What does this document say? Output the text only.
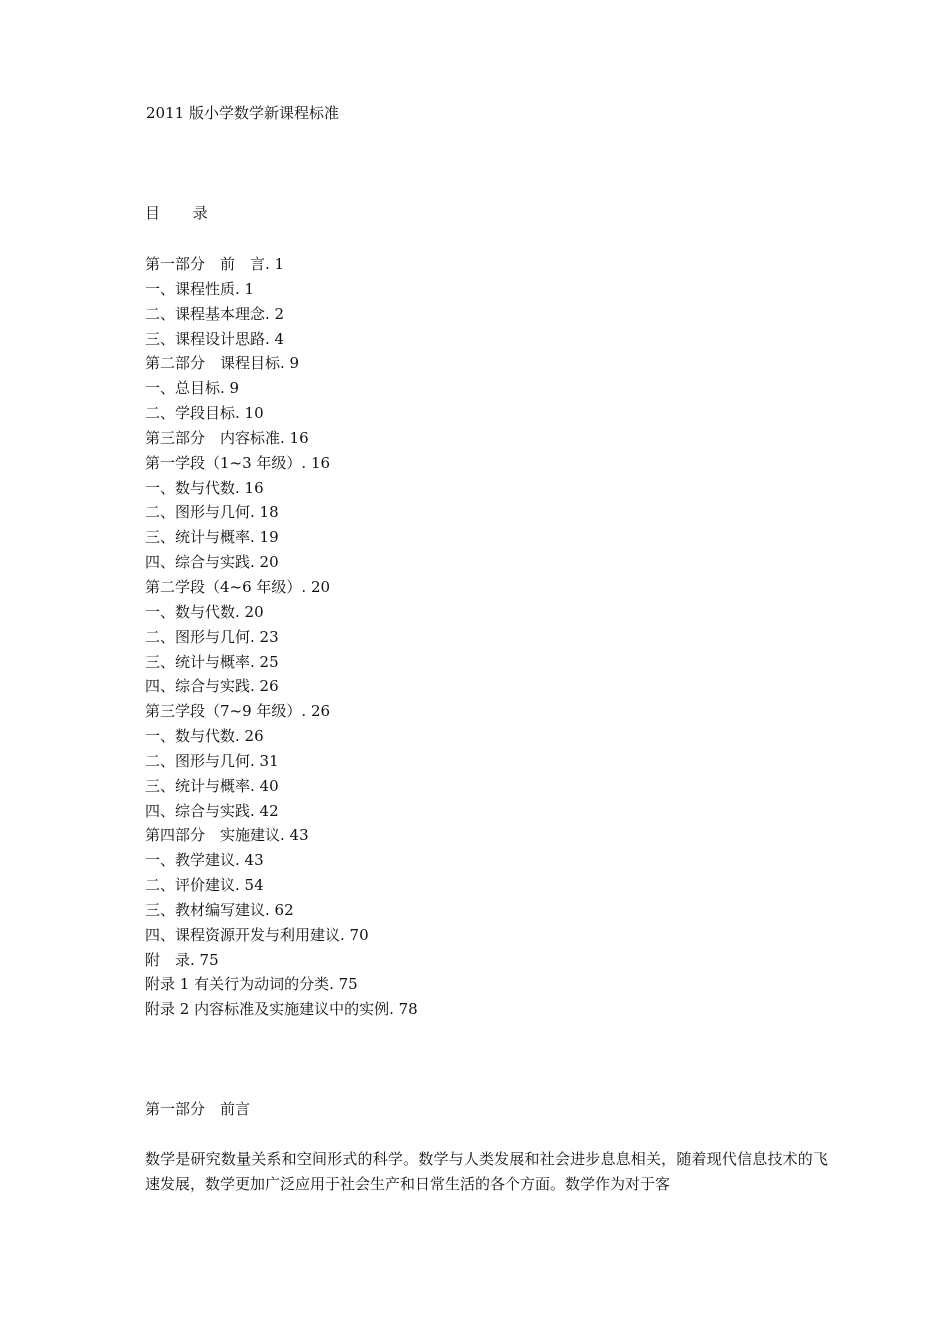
2011 版小学数学新课程标准
目 录
第一部分　前　言. 1
一、课程性质. 1
二、课程基本理念. 2
三、课程设计思路. 4
第二部分　课程目标. 9
一、总目标. 9
二、学段目标. 10
第三部分　内容标准. 16
第一学段（1~3 年级）. 16
一、数与代数. 16
二、图形与几何. 18
三、统计与概率. 19
四、综合与实践. 20
第二学段（4~6 年级）. 20
一、数与代数. 20
二、图形与几何. 23
三、统计与概率. 25
四、综合与实践. 26
第三学段（7~9 年级）. 26
一、数与代数. 26
二、图形与几何. 31
三、统计与概率. 40
四、综合与实践. 42
第四部分　实施建议. 43
一、教学建议. 43
二、评价建议. 54
三、教材编写建议. 62
四、课程资源开发与利用建议. 70
附　录. 75
附录 1 有关行为动词的分类. 75
附录 2 内容标准及实施建议中的实例. 78
第一部分　前言

数学是研究数量关系和空间形式的科学。数学与人类发展和社会进步息息相关，随着现代信息技术的飞速发展，数学更加广泛应用于社会生产和日常生活的各个方面。数学作为对于客
